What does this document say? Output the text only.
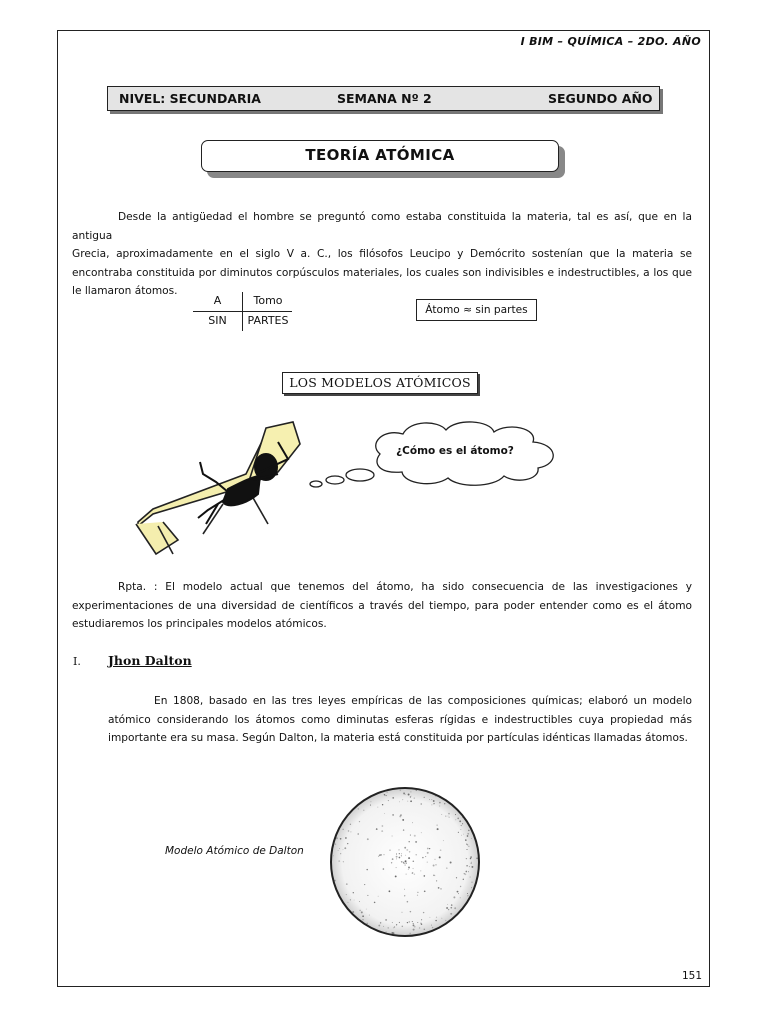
I BIM – QUÍMICA – 2DO. AÑO
NIVEL: SECUNDARIA	SEMANA Nº 2	SEGUNDO AÑO
TEORÍA ATÓMICA
Desde la antigüedad el hombre se preguntó como estaba constituida la materia, tal es así, que en la antigua
Grecia, aproximadamente en el siglo V a. C., los filósofos Leucipo y Demócrito sostenían que la materia se
encontraba constituida por diminutos corpúsculos materiales, los cuales son indivisibles e indestructibles, a los que
le llamaron átomos.
A	Tomo
SIN	PARTES
Átomo ≈ sin partes
LOS MODELOS ATÓMICOS
¿Cómo es el átomo?
Rpta. : El modelo actual que tenemos del átomo, ha sido consecuencia de las investigaciones y
experimentaciones de una diversidad de científicos a través del tiempo, para poder entender como es el átomo
estudiaremos los principales modelos atómicos.
I. Jhon Dalton
En 1808, basado en las tres leyes empíricas de las composiciones químicas; elaboró un modelo
atómico considerando los átomos como diminutas esferas rígidas e indestructibles cuya propiedad más
importante era su masa. Según Dalton, la materia está constituida por partículas idénticas llamadas átomos.
Modelo Atómico de Dalton
151
